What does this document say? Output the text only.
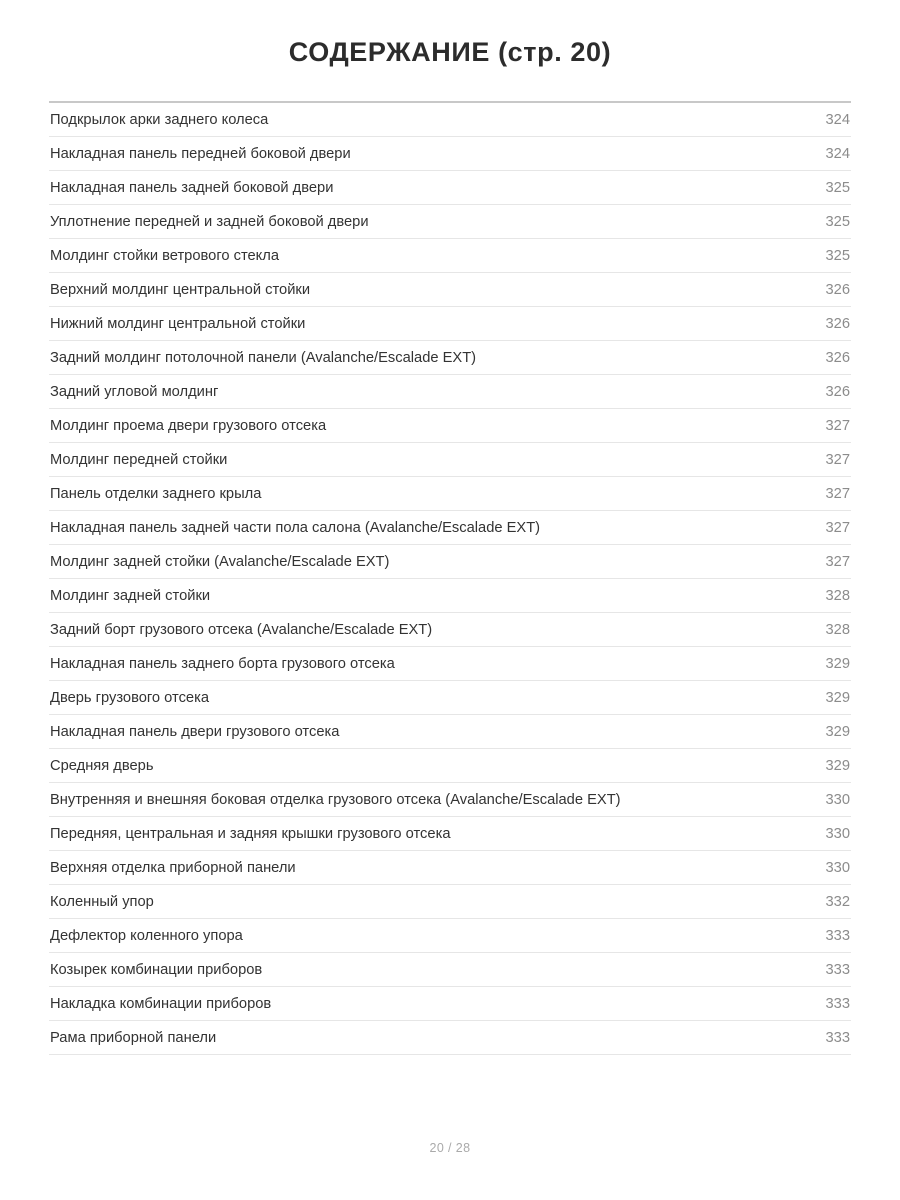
СОДЕРЖАНИЕ (стр. 20)
Подкрылок арки заднего колеса	324
Накладная панель передней боковой двери	324
Накладная панель задней боковой двери	325
Уплотнение передней и задней боковой двери	325
Молдинг стойки ветрового стекла	325
Верхний молдинг центральной стойки	326
Нижний молдинг центральной стойки	326
Задний молдинг потолочной панели (Avalanche/Escalade EXT)	326
Задний угловой молдинг	326
Молдинг проема двери грузового отсека	327
Молдинг передней стойки	327
Панель отделки заднего крыла	327
Накладная панель задней части пола салона (Avalanche/Escalade EXT)	327
Молдинг задней стойки (Avalanche/Escalade EXT)	327
Молдинг задней стойки	328
Задний борт грузового отсека (Avalanche/Escalade EXT)	328
Накладная панель заднего борта грузового отсека	329
Дверь грузового отсека	329
Накладная панель двери грузового отсека	329
Средняя дверь	329
Внутренняя и внешняя боковая отделка грузового отсека (Avalanche/Escalade EXT)	330
Передняя, центральная и задняя крышки грузового отсека	330
Верхняя отделка приборной панели	330
Коленный упор	332
Дефлектор коленного упора	333
Козырек комбинации приборов	333
Накладка комбинации приборов	333
Рама приборной панели	333
20 / 28
